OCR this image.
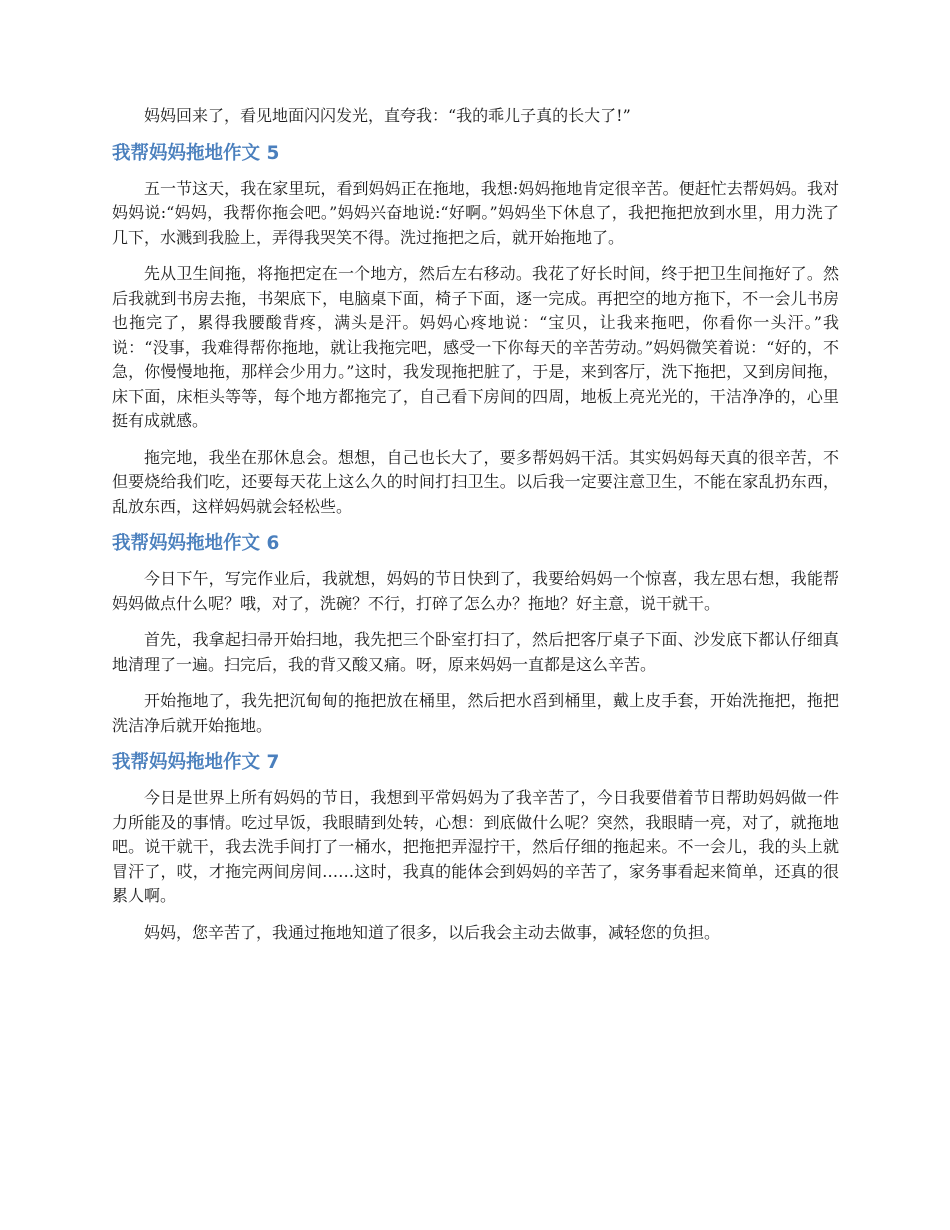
妈妈回来了，看见地面闪闪发光，直夸我：“我的乖儿子真的长大了!”

我帮妈妈拖地作文 5

五一节这天，我在家里玩，看到妈妈正在拖地，我想:妈妈拖地肯定很辛苦。便赶忙去帮妈妈。我对妈妈说:“妈妈，我帮你拖会吧。”妈妈兴奋地说:“好啊。”妈妈坐下休息了，我把拖把放到水里，用力洗了几下，水溅到我脸上，弄得我哭笑不得。洗过拖把之后，就开始拖地了。

先从卫生间拖，将拖把定在一个地方，然后左右移动。我花了好长时间，终于把卫生间拖好了。然后我就到书房去拖，书架底下，电脑桌下面，椅子下面，逐一完成。再把空的地方拖下，不一会儿书房也拖完了，累得我腰酸背疼，满头是汗。妈妈心疼地说：“宝贝，让我来拖吧，你看你一头汗。”我说：“没事，我难得帮你拖地，就让我拖完吧，感受一下你每天的辛苦劳动。”妈妈微笑着说：“好的，不急，你慢慢地拖，那样会少用力。”这时，我发现拖把脏了，于是，来到客厅，洗下拖把，又到房间拖，床下面，床柜头等等，每个地方都拖完了，自己看下房间的四周，地板上亮光光的，干洁净净的，心里挺有成就感。

拖完地，我坐在那休息会。想想，自己也长大了，要多帮妈妈干活。其实妈妈每天真的很辛苦，不但要烧给我们吃，还要每天花上这么久的时间打扫卫生。以后我一定要注意卫生，不能在家乱扔东西，乱放东西，这样妈妈就会轻松些。

我帮妈妈拖地作文 6

今日下午，写完作业后，我就想，妈妈的节日快到了，我要给妈妈一个惊喜，我左思右想，我能帮妈妈做点什么呢？哦，对了，洗碗？不行，打碎了怎么办？拖地？好主意，说干就干。

首先，我拿起扫帚开始扫地，我先把三个卧室打扫了，然后把客厅桌子下面、沙发底下都认仔细真地清理了一遍。扫完后，我的背又酸又痛。呀，原来妈妈一直都是这么辛苦。

开始拖地了，我先把沉甸甸的拖把放在桶里，然后把水舀到桶里，戴上皮手套，开始洗拖把，拖把洗洁净后就开始拖地。

我帮妈妈拖地作文 7

今日是世界上所有妈妈的节日，我想到平常妈妈为了我辛苦了，今日我要借着节日帮助妈妈做一件力所能及的事情。吃过早饭，我眼睛到处转，心想：到底做什么呢？突然，我眼睛一亮，对了，就拖地吧。说干就干，我去洗手间打了一桶水，把拖把弄湿拧干，然后仔细的拖起来。不一会儿，我的头上就冒汗了，哎，才拖完两间房间……这时，我真的能体会到妈妈的辛苦了，家务事看起来简单，还真的很累人啊。

妈妈，您辛苦了，我通过拖地知道了很多，以后我会主动去做事，减轻您的负担。
